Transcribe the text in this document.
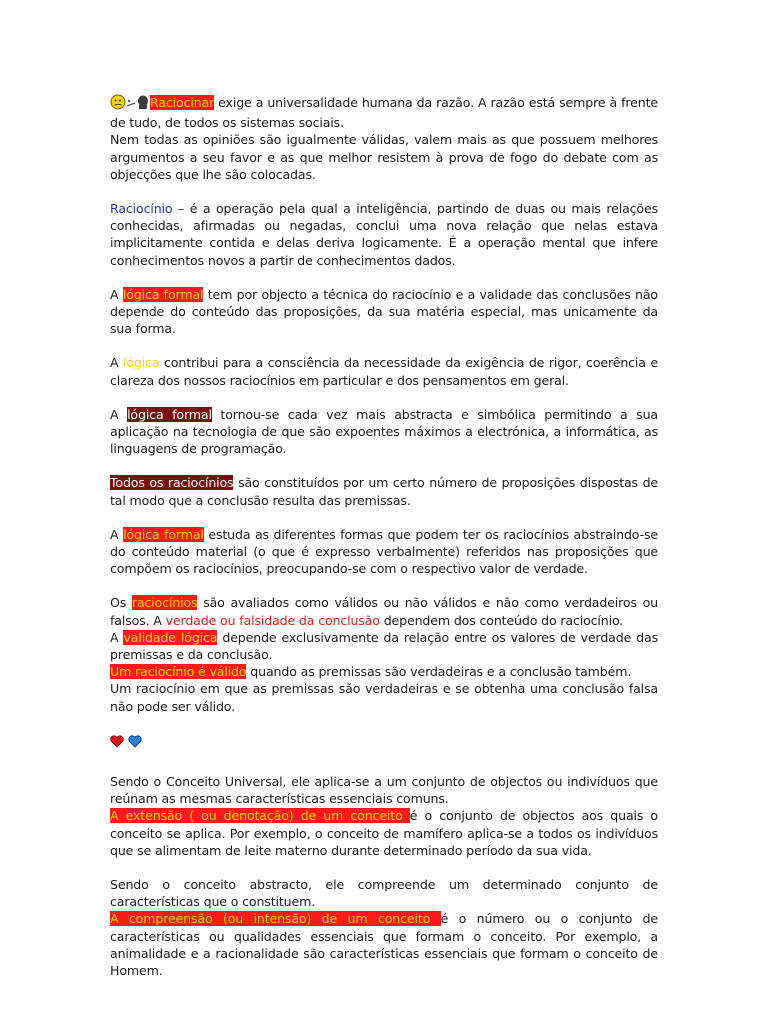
Raciocinar exige a universalidade humana da razão. A razão está sempre à frente de tudo, de todos os sistemas sociais.

Nem todas as opiniões são igualmente válidas, valem mais as que possuem melhores argumentos a seu favor e as que melhor resistem à prova de fogo do debate com as objecções que lhe são colocadas.

Raciocínio – é a operação pela qual a inteligência, partindo de duas ou mais relações conhecidas, afirmadas ou negadas, conclui uma nova relação que nelas estava implicitamente contida e delas deriva logicamente. É a operação mental que infere conhecimentos novos a partir de conhecimentos dados.

A lógica formal tem por objecto a técnica do raciocínio e a validade das conclusões não depende do conteúdo das proposições, da sua matéria especial, mas unicamente da sua forma.

A lógica contribui para a consciência da necessidade da exigência de rigor, coerência e clareza dos nossos raciocínios em particular e dos pensamentos em geral.

A lógica formal tornou-se cada vez mais abstracta e simbólica permitindo a sua aplicação na tecnologia de que são expoentes máximos a electrónica, a informática, as linguagens de programação.

Todos os raciocínios são constituídos por um certo número de proposições dispostas de tal modo que a conclusão resulta das premissas.

A lógica formal estuda as diferentes formas que podem ter os raciocínios abstraindo-se do conteúdo material (o que é expresso verbalmente) referidos nas proposições que compõem os raciocínios, preocupando-se com o respectivo valor de verdade.

Os raciocínios são avaliados como válidos ou não válidos e não como verdadeiros ou falsos. A verdade ou falsidade da conclusão dependem dos conteúdo do raciocínio.

A validade lógica depende exclusivamente da relação entre os valores de verdade das premissas e da conclusão.

Um raciocínio é válido quando as premissas são verdadeiras e a conclusão também.

Um raciocínio em que as premissas são verdadeiras e se obtenha uma conclusão falsa não pode ser válido.

Sendo o Conceito Universal, ele aplica-se a um conjunto de objectos ou indivíduos que reúnam as mesmas características essenciais comuns.

A extensão ( ou denotação) de um conceito é o conjunto de objectos aos quais o conceito se aplica. Por exemplo, o conceito de mamífero aplica-se a todos os indivíduos que se alimentam de leite materno durante determinado período da sua vida.

Sendo o conceito abstracto, ele compreende um determinado conjunto de características que o constituem.

A compreensão (ou intensão) de um conceito é o número ou o conjunto de características ou qualidades essenciais que formam o conceito. Por exemplo, a animalidade e a racionalidade são características essenciais que formam o conceito de Homem.
